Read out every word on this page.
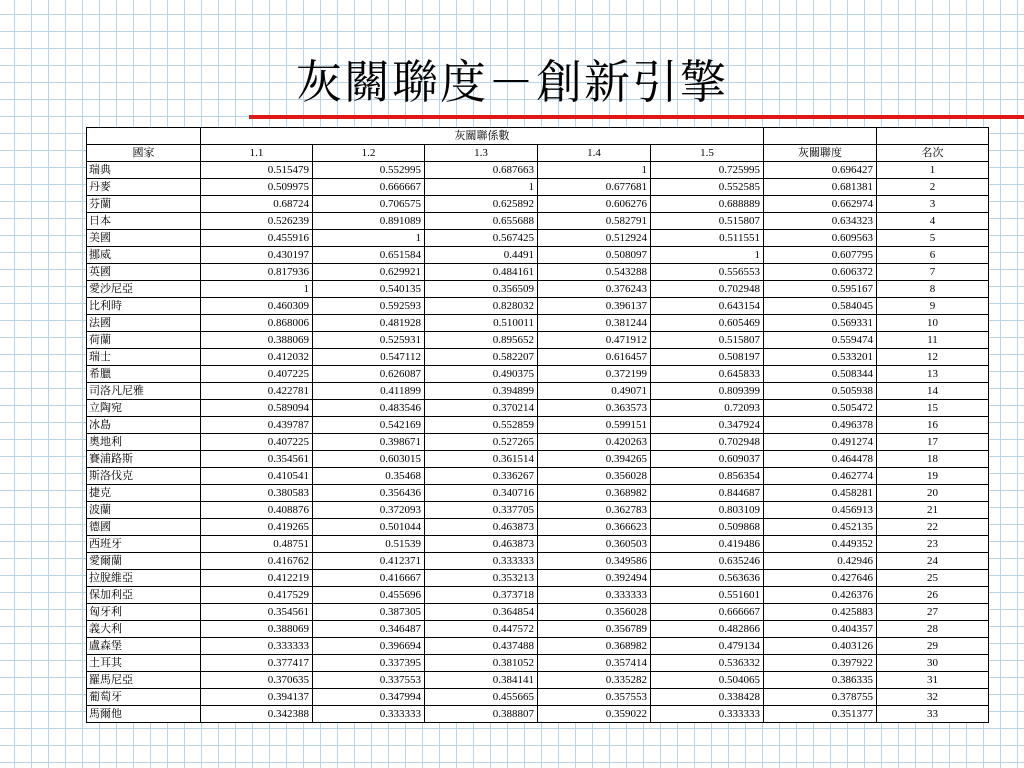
灰關聯度－創新引擎
	灰關聯係數						
國家	1.1	1.2	1.3	1.4	1.5	灰關聯度	名次
瑞典	0.515479	0.552995	0.687663	1	0.725995	0.696427	1
丹麥	0.509975	0.666667	1	0.677681	0.552585	0.681381	2
芬蘭	0.68724	0.706575	0.625892	0.606276	0.688889	0.662974	3
日本	0.526239	0.891089	0.655688	0.582791	0.515807	0.634323	4
美國	0.455916	1	0.567425	0.512924	0.511551	0.609563	5
挪威	0.430197	0.651584	0.4491	0.508097	1	0.607795	6
英國	0.817936	0.629921	0.484161	0.543288	0.556553	0.606372	7
愛沙尼亞	1	0.540135	0.356509	0.376243	0.702948	0.595167	8
比利時	0.460309	0.592593	0.828032	0.396137	0.643154	0.584045	9
法國	0.868006	0.481928	0.510011	0.381244	0.605469	0.569331	10
荷蘭	0.388069	0.525931	0.895652	0.471912	0.515807	0.559474	11
瑞士	0.412032	0.547112	0.582207	0.616457	0.508197	0.533201	12
希臘	0.407225	0.626087	0.490375	0.372199	0.645833	0.508344	13
司洛凡尼雅	0.422781	0.411899	0.394899	0.49071	0.809399	0.505938	14
立陶宛	0.589094	0.483546	0.370214	0.363573	0.72093	0.505472	15
冰島	0.439787	0.542169	0.552859	0.599151	0.347924	0.496378	16
奧地利	0.407225	0.398671	0.527265	0.420263	0.702948	0.491274	17
賽浦路斯	0.354561	0.603015	0.361514	0.394265	0.609037	0.464478	18
斯洛伐克	0.410541	0.35468	0.336267	0.356028	0.856354	0.462774	19
捷克	0.380583	0.356436	0.340716	0.368982	0.844687	0.458281	20
波蘭	0.408876	0.372093	0.337705	0.362783	0.803109	0.456913	21
德國	0.419265	0.501044	0.463873	0.366623	0.509868	0.452135	22
西班牙	0.48751	0.51539	0.463873	0.360503	0.419486	0.449352	23
愛爾蘭	0.416762	0.412371	0.333333	0.349586	0.635246	0.42946	24
拉脫維亞	0.412219	0.416667	0.353213	0.392494	0.563636	0.427646	25
保加利亞	0.417529	0.455696	0.373718	0.333333	0.551601	0.426376	26
匈牙利	0.354561	0.387305	0.364854	0.356028	0.666667	0.425883	27
義大利	0.388069	0.346487	0.447572	0.356789	0.482866	0.404357	28
盧森堡	0.333333	0.396694	0.437488	0.368982	0.479134	0.403126	29
土耳其	0.377417	0.337395	0.381052	0.357414	0.536332	0.397922	30
羅馬尼亞	0.370635	0.337553	0.384141	0.335282	0.504065	0.386335	31
葡萄牙	0.394137	0.347994	0.455665	0.357553	0.338428	0.378755	32
馬爾他	0.342388	0.333333	0.388807	0.359022	0.333333	0.351377	33
